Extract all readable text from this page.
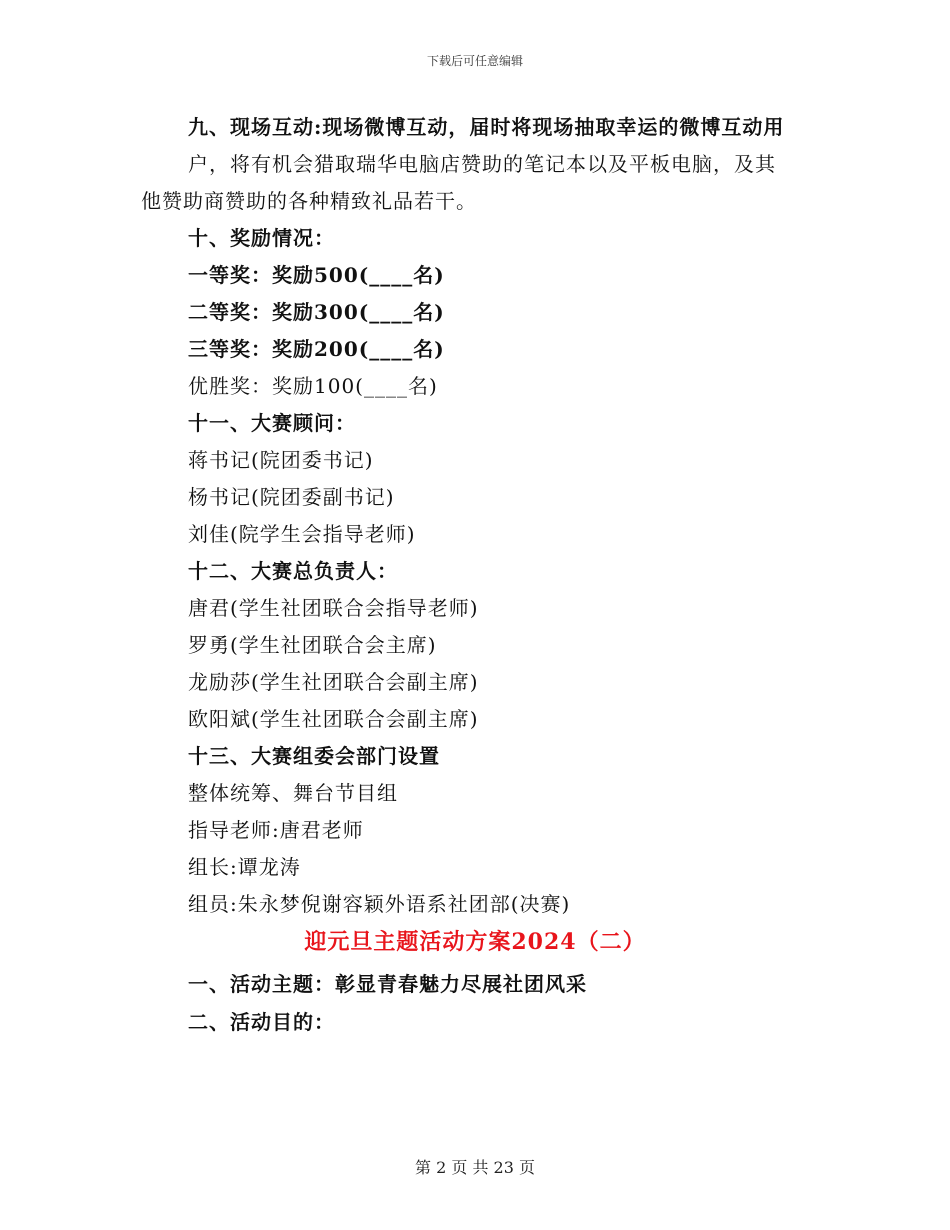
下载后可任意编辑
九、现场互动:现场微博互动，届时将现场抽取幸运的微博互动用
户，将有机会猎取瑞华电脑店赞助的笔记本以及平板电脑，及其
他赞助商赞助的各种精致礼品若干。
十、奖励情况：
一等奖：奖励500(____名)
二等奖：奖励300(____名)
三等奖：奖励200(____名)
优胜奖：奖励100(____名)
十一、大赛顾问：
蒋书记(院团委书记)
杨书记(院团委副书记)
刘佳(院学生会指导老师)
十二、大赛总负责人：
唐君(学生社团联合会指导老师)
罗勇(学生社团联合会主席)
龙励莎(学生社团联合会副主席)
欧阳斌(学生社团联合会副主席)
十三、大赛组委会部门设置
整体统筹、舞台节目组
指导老师:唐君老师
组长:谭龙涛
组员:朱永梦倪谢容颖外语系社团部(决赛)
迎元旦主题活动方案2024（二）
一、活动主题：彰显青春魅力尽展社团风采
二、活动目的：
第 2 页 共 23 页
